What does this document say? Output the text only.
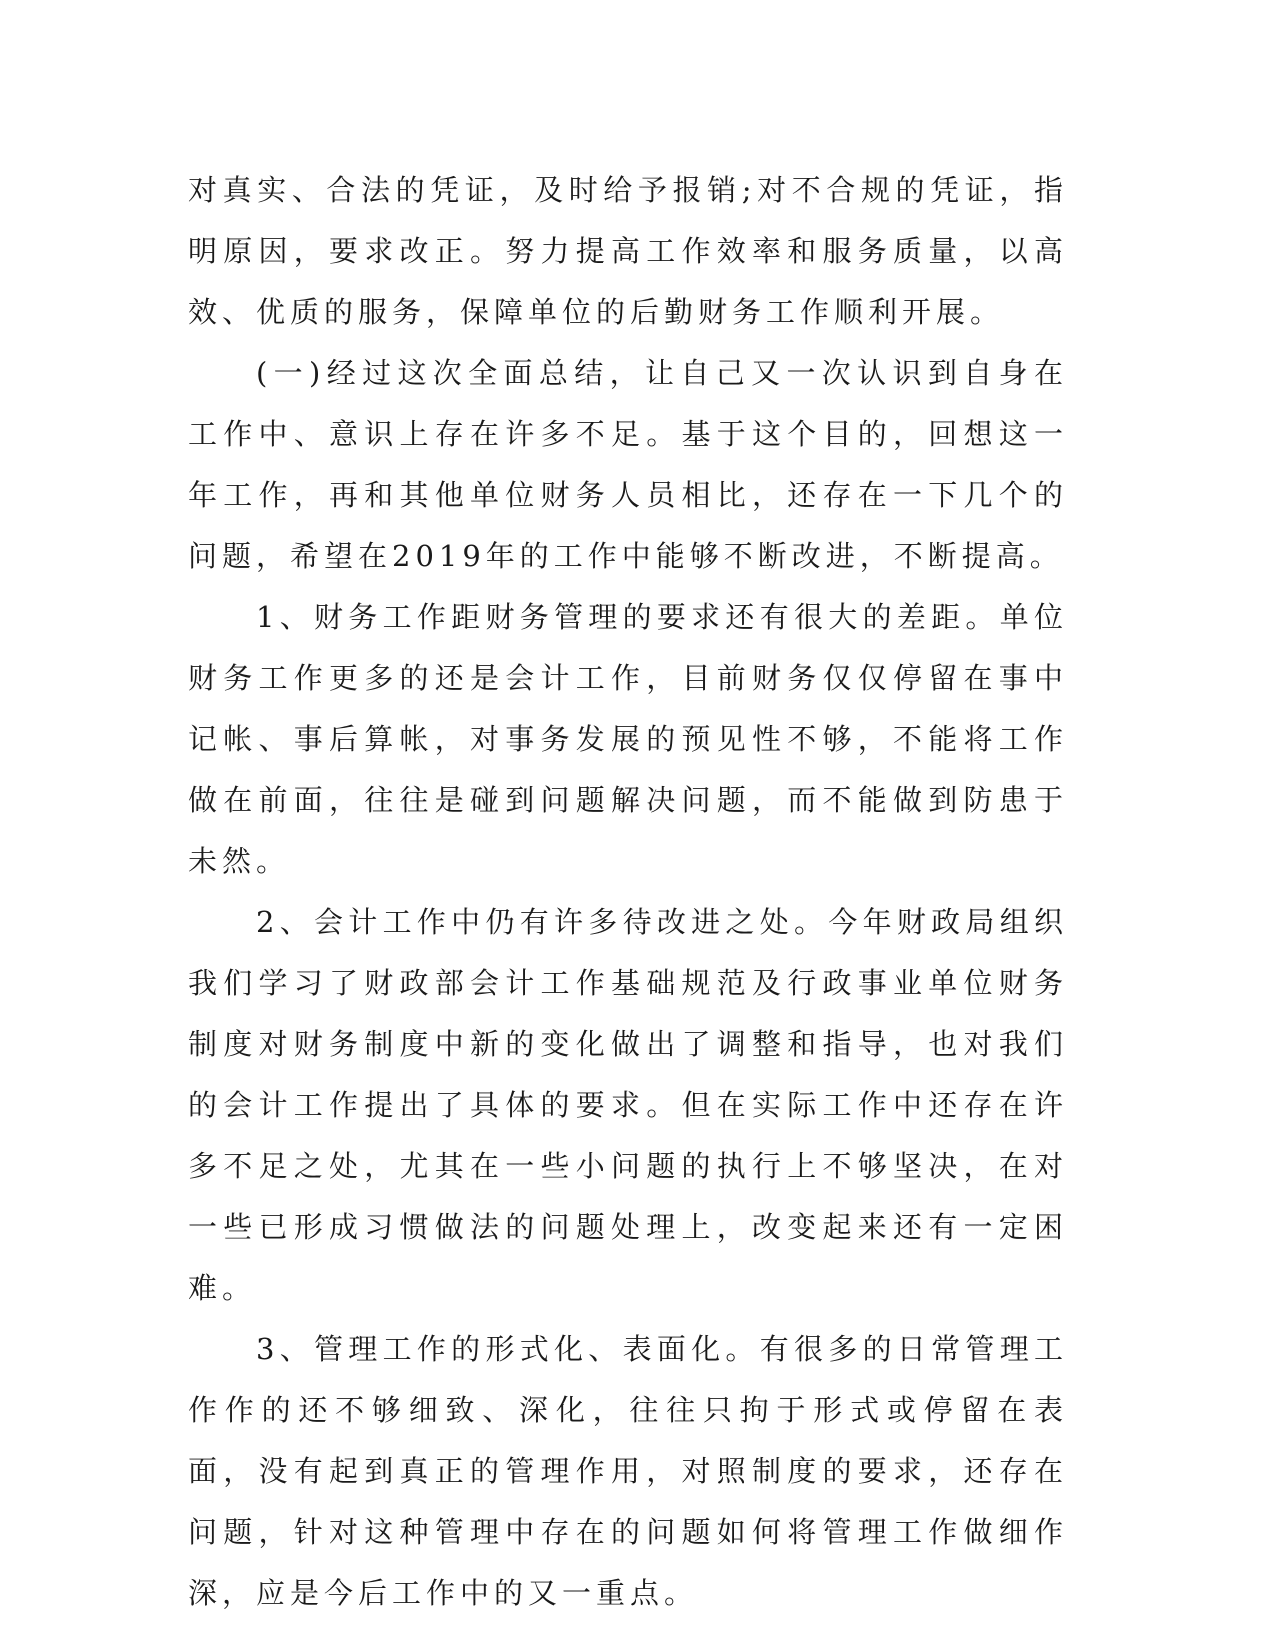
对真实、合法的凭证，及时给予报销;对不合规的凭证，指明原因，要求改正。努力提高工作效率和服务质量，以高效、优质的服务，保障单位的后勤财务工作顺利开展。

(一)经过这次全面总结，让自己又一次认识到自身在工作中、意识上存在许多不足。基于这个目的，回想这一年工作，再和其他单位财务人员相比，还存在一下几个的问题，希望在2019年的工作中能够不断改进，不断提高。

1、财务工作距财务管理的要求还有很大的差距。单位财务工作更多的还是会计工作，目前财务仅仅停留在事中记帐、事后算帐，对事务发展的预见性不够，不能将工作做在前面，往往是碰到问题解决问题，而不能做到防患于未然。

2、会计工作中仍有许多待改进之处。今年财政局组织我们学习了财政部会计工作基础规范及行政事业单位财务制度对财务制度中新的变化做出了调整和指导，也对我们的会计工作提出了具体的要求。但在实际工作中还存在许多不足之处，尤其在一些小问题的执行上不够坚决，在对一些已形成习惯做法的问题处理上，改变起来还有一定困难。

3、管理工作的形式化、表面化。有很多的日常管理工作作的还不够细致、深化，往往只拘于形式或停留在表面，没有起到真正的管理作用，对照制度的要求，还存在问题，针对这种管理中存在的问题如何将管理工作做细作深，应是今后工作中的又一重点。
